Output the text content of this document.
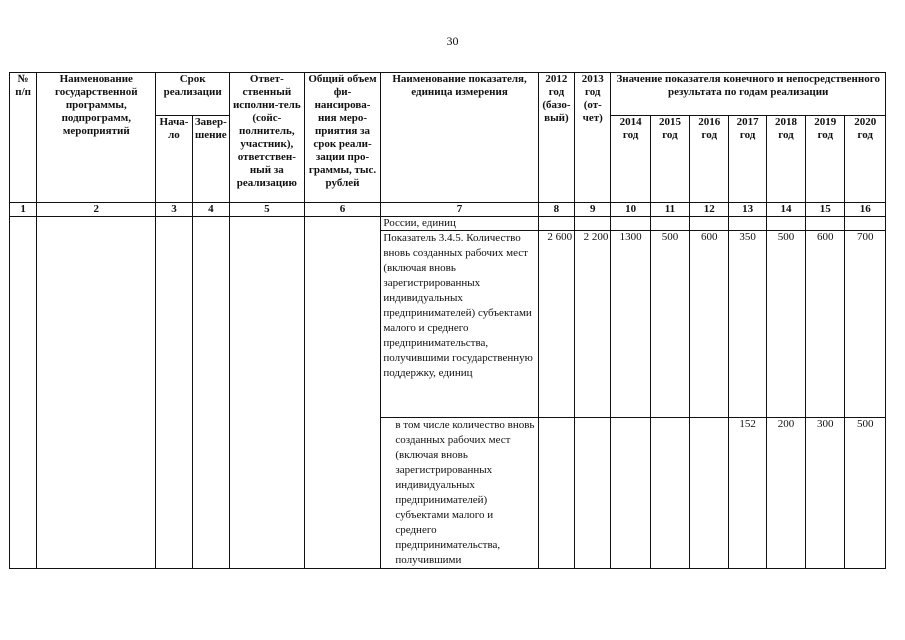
30
№ п/п	Наименование государственной программы, подпрограмм, мероприятий	Срок реализации		Ответ-ственный исполни-тель (сойс-полнитель, участник), ответствен-ный за реализацию	Общий объем фи-нансирова-ния меро-приятия за срок реали-зации про-граммы, тыс. рублей	Наименование показателя, единица измерения	2012 год (базо-вый)	2013 год (от-чет)	Значение показателя конечного и непосредственного результата по годам реализации						
		Нача-ло	Завер-шение						2014 год	2015 год	2016 год	2017 год	2018 год	2019 год	2020 год
1	2	3	4	5	6	7	8	9	10	11	12	13	14	15	16
						России, единиц									
						Показатель 3.4.5. Количество вновь созданных рабочих мест (включая вновь зарегистрированных индивидуальных предпринимателей) субъектами малого и среднего предпринимательства, получившими государственную поддержку, единиц	2 600	2 200	1300	500	600	350	500	600	700
						в том числе количество вновь созданных рабочих мест (включая вновь зарегистрированных индивидуальных предпринимателей) субъектами малого и среднего предпринимательства, получившими						152	200	300	500
